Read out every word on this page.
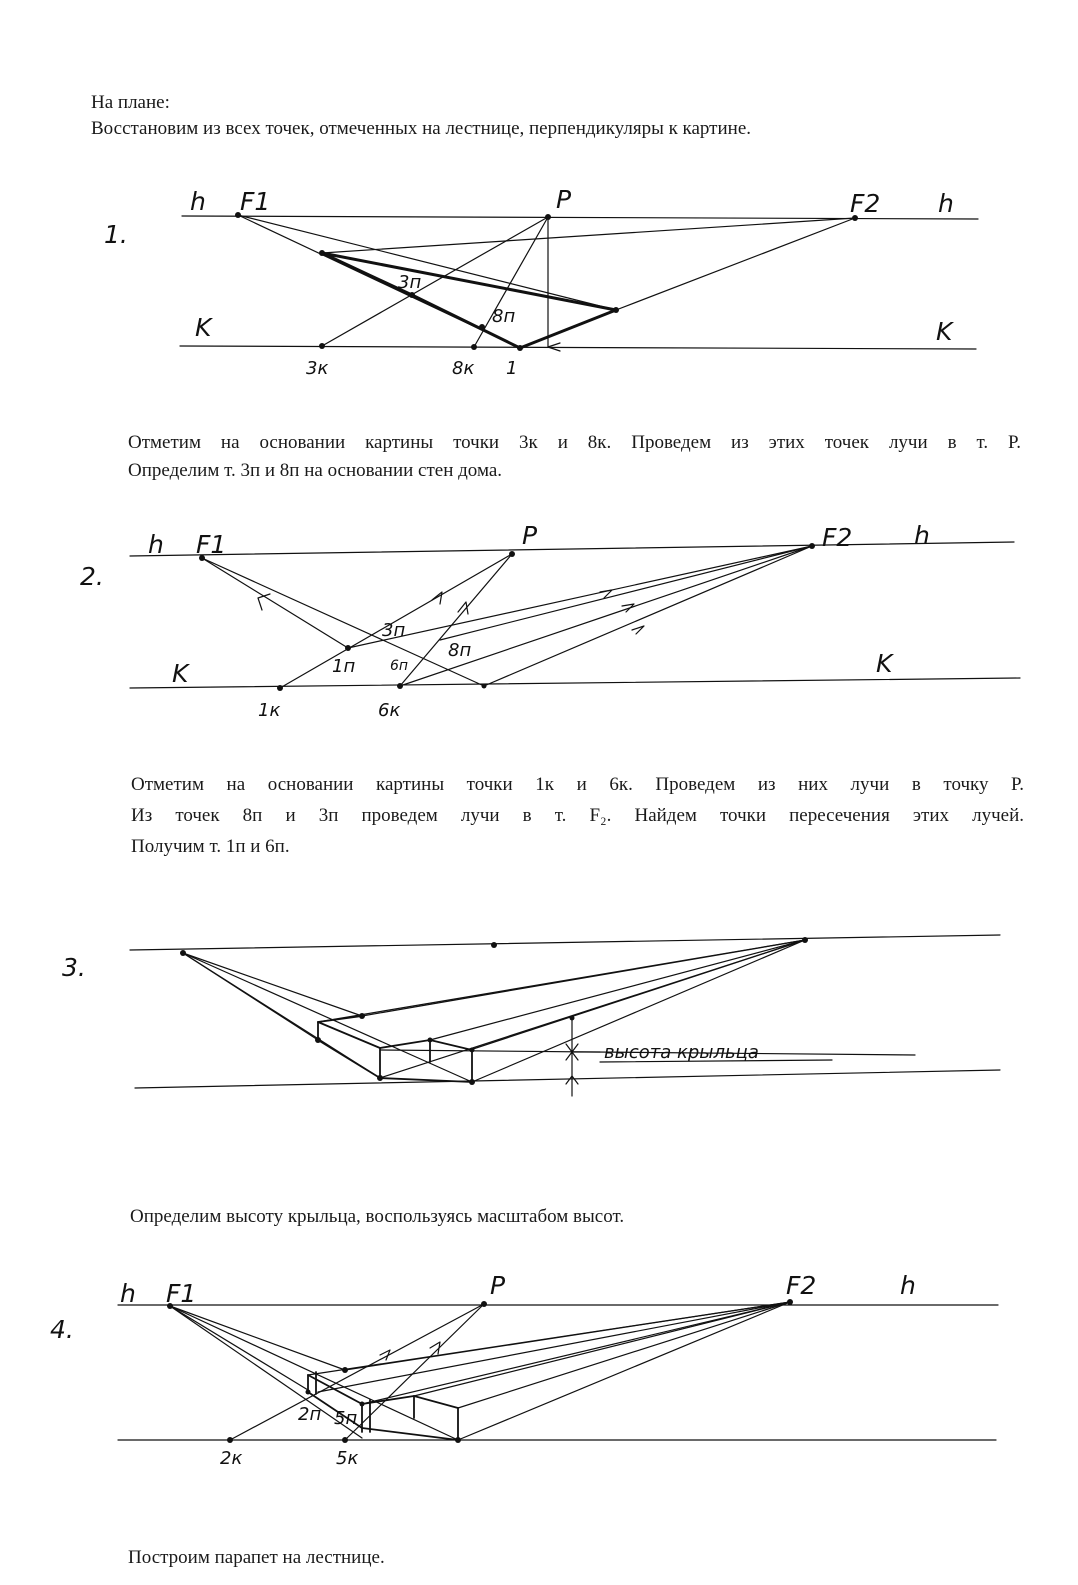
На плане:

Восстановим из всех точек, отмеченных на лестнице, перпендикуляры к картине.

1.
h F1	P	F2 h
K	K
3п
8п
3к	8к 1

Отметим на основании картины точки 3к и 8к. Проведем из этих точек лучи в т. Р.

Определим т. 3п и 8п на основании стен дома.

2.
h F1	P	F2 h
K	K
3п
1п 6п
8п
1к	6к

Отметим на основании картины точки 1к и 6к. Проведем из них лучи в точку Р.

Из точек 8п и 3п проведем лучи в т. F₂. Найдем точки пересечения этих лучей.

Получим т. 1п и 6п.

3.
высота крыльца

Определим высоту крыльца, воспользуясь масштабом высот.

4.
h F1	P	F2	h
2п 5п
2к	5к

Построим парапет на лестнице.
